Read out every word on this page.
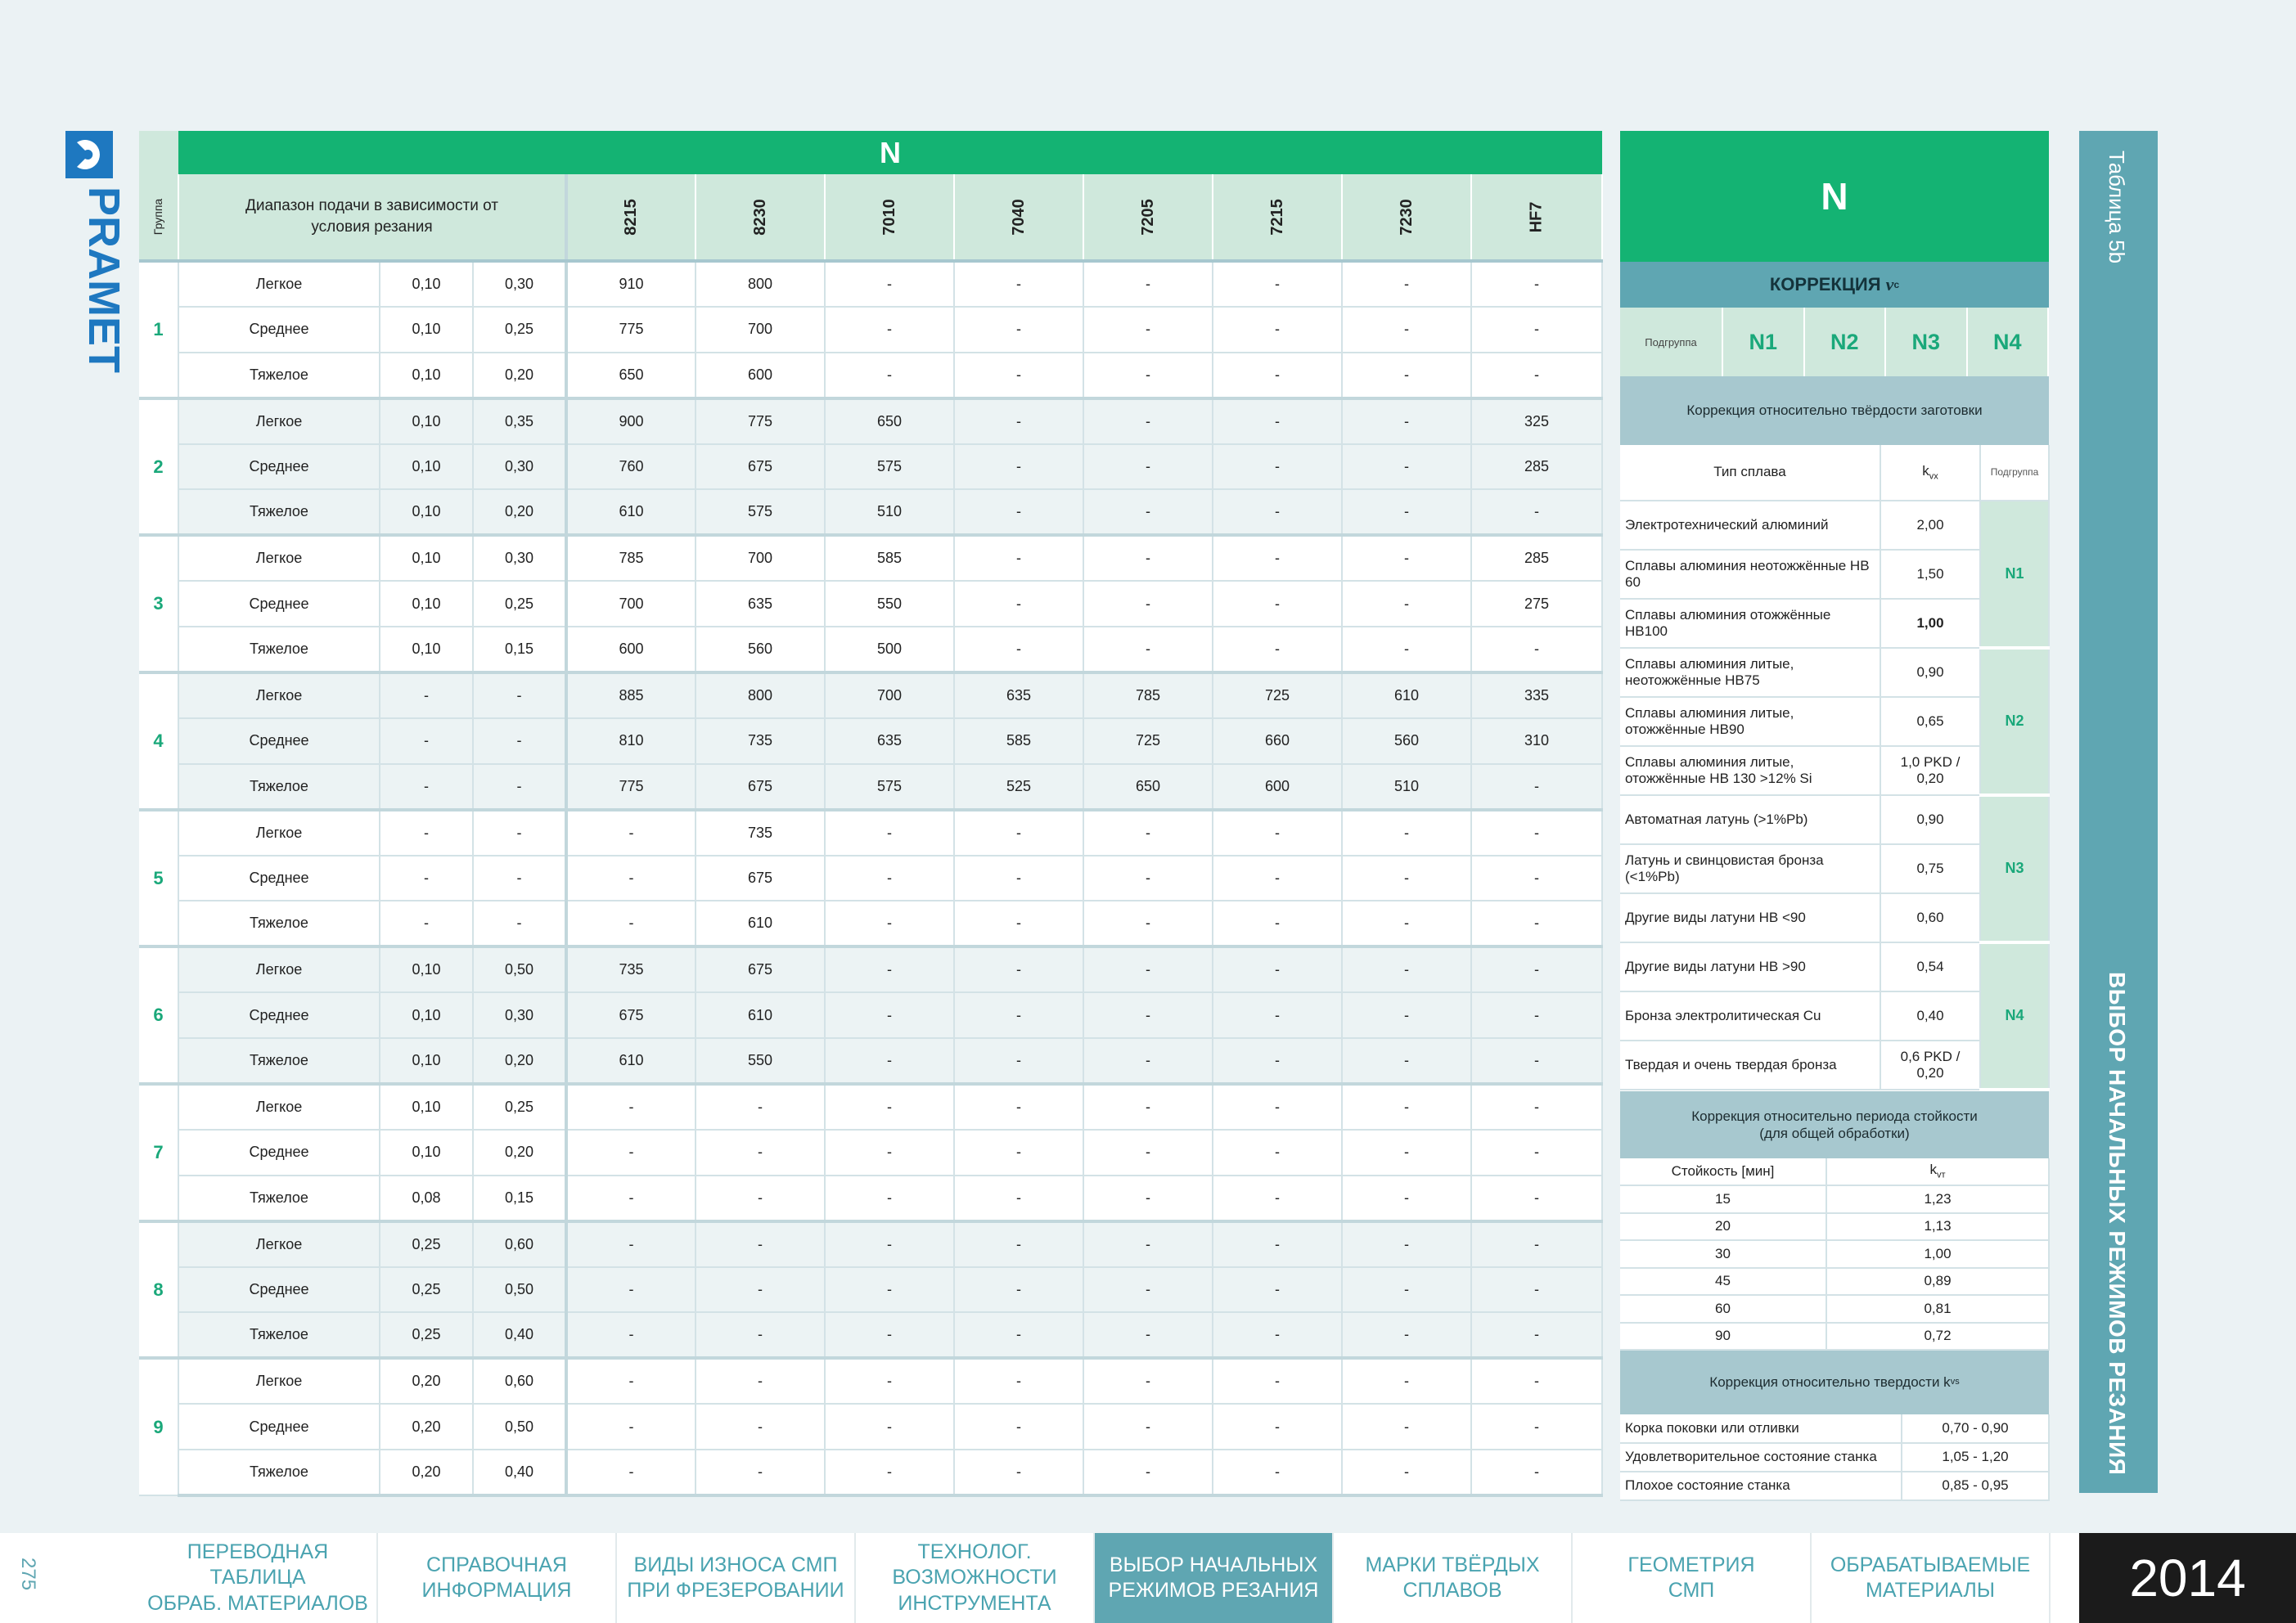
PRAMET
	N										
Группа	Диапазон подачи в зависимости от условия резания			8215	8230	7010	7040	7205	7215	7230	HF7
1	Легкое	0,10	0,30	910	800	-	-	-	-	-	-
	Среднее	0,10	0,25	775	700	-	-	-	-	-	-
	Тяжелое	0,10	0,20	650	600	-	-	-	-	-	-
2	Легкое	0,10	0,35	900	775	650	-	-	-	-	325
	Среднее	0,10	0,30	760	675	575	-	-	-	-	285
	Тяжелое	0,10	0,20	610	575	510	-	-	-	-	-
3	Легкое	0,10	0,30	785	700	585	-	-	-	-	285
	Среднее	0,10	0,25	700	635	550	-	-	-	-	275
	Тяжелое	0,10	0,15	600	560	500	-	-	-	-	-
4	Легкое	-	-	885	800	700	635	785	725	610	335
	Среднее	-	-	810	735	635	585	725	660	560	310
	Тяжелое	-	-	775	675	575	525	650	600	510	-
5	Легкое	-	-	-	735	-	-	-	-	-	-
	Среднее	-	-	-	675	-	-	-	-	-	-
	Тяжелое	-	-	-	610	-	-	-	-	-	-
6	Легкое	0,10	0,50	735	675	-	-	-	-	-	-
	Среднее	0,10	0,30	675	610	-	-	-	-	-	-
	Тяжелое	0,10	0,20	610	550	-	-	-	-	-	-
7	Легкое	0,10	0,25	-	-	-	-	-	-	-	-
	Среднее	0,10	0,20	-	-	-	-	-	-	-	-
	Тяжелое	0,08	0,15	-	-	-	-	-	-	-	-
8	Легкое	0,25	0,60	-	-	-	-	-	-	-	-
	Среднее	0,25	0,50	-	-	-	-	-	-	-	-
	Тяжелое	0,25	0,40	-	-	-	-	-	-	-	-
9	Легкое	0,20	0,60	-	-	-	-	-	-	-	-
	Среднее	0,20	0,50	-	-	-	-	-	-	-	-
	Тяжелое	0,20	0,40	-	-	-	-	-	-	-	-
N
КОРРЕКЦИЯ
v c
Подгруппа	N1	N2	N3	N4
Коррекция относительно твёрдости заготовки
Тип сплава	$k_{vx}$	Подгруппа
Электротехнический алюминий	2,00	N1
Сплавы алюминия неотожжённые HB 60	1,50	
Сплавы алюминия отожжённые HB100	1,00	
Сплавы алюминия литые, неотожжённые HB75	0,90	N2
Сплавы алюминия литые, отожжённые HB90	0,65	
Сплавы алюминия литые, отожжённые HB 130 >12% Si	1,0 PKD / 0,20	
Автоматная латунь (>1%Pb)	0,90	N3
Латунь и свинцовистая бронза (<1%Pb)	0,75	
Другие виды латуни HB <90	0,60	
Другие виды латуни HB >90	0,54	N4
Бронза электролитическая Cu	0,40	
Твердая и очень твердая бронза	0,6 PKD / 0,20	
Коррекция относительно периода стойкости (для общей обработки)
Стойкость [мин]	$k_{vт}$
15	1,23
20	1,13
30	1,00
45	0,89
60	0,81
90	0,72
Коррекция относительно твердости k vs
Корка поковки или отливки	0,70 - 0,90
Удовлетворительное состояние станка	1,05 - 1,20
Плохое состояние станка	0,85 - 0,95
Таблица 5b
ВЫБОР НАЧАЛЬНЫХ РЕЖИМОВ РЕЗАНИЯ
275
ПЕРЕВОДНАЯ ТАБЛИЦА
ОБРАБ. МАТЕРИАЛОВ
СПРАВОЧНАЯ
ИНФОРМАЦИЯ
ВИДЫ ИЗНОСА СМП
ПРИ ФРЕЗЕРОВАНИИ
ТЕХНОЛОГ. ВОЗМОЖНОСТИ
ИНСТРУМЕНТА
ВЫБОР НАЧАЛЬНЫХ
РЕЖИМОВ РЕЗАНИЯ
МАРКИ ТВЁРДЫХ
СПЛАВОВ
ГЕОМЕТРИЯ
СМП
ОБРАБАТЫВАЕМЫЕ
МАТЕРИАЛЫ	2014
